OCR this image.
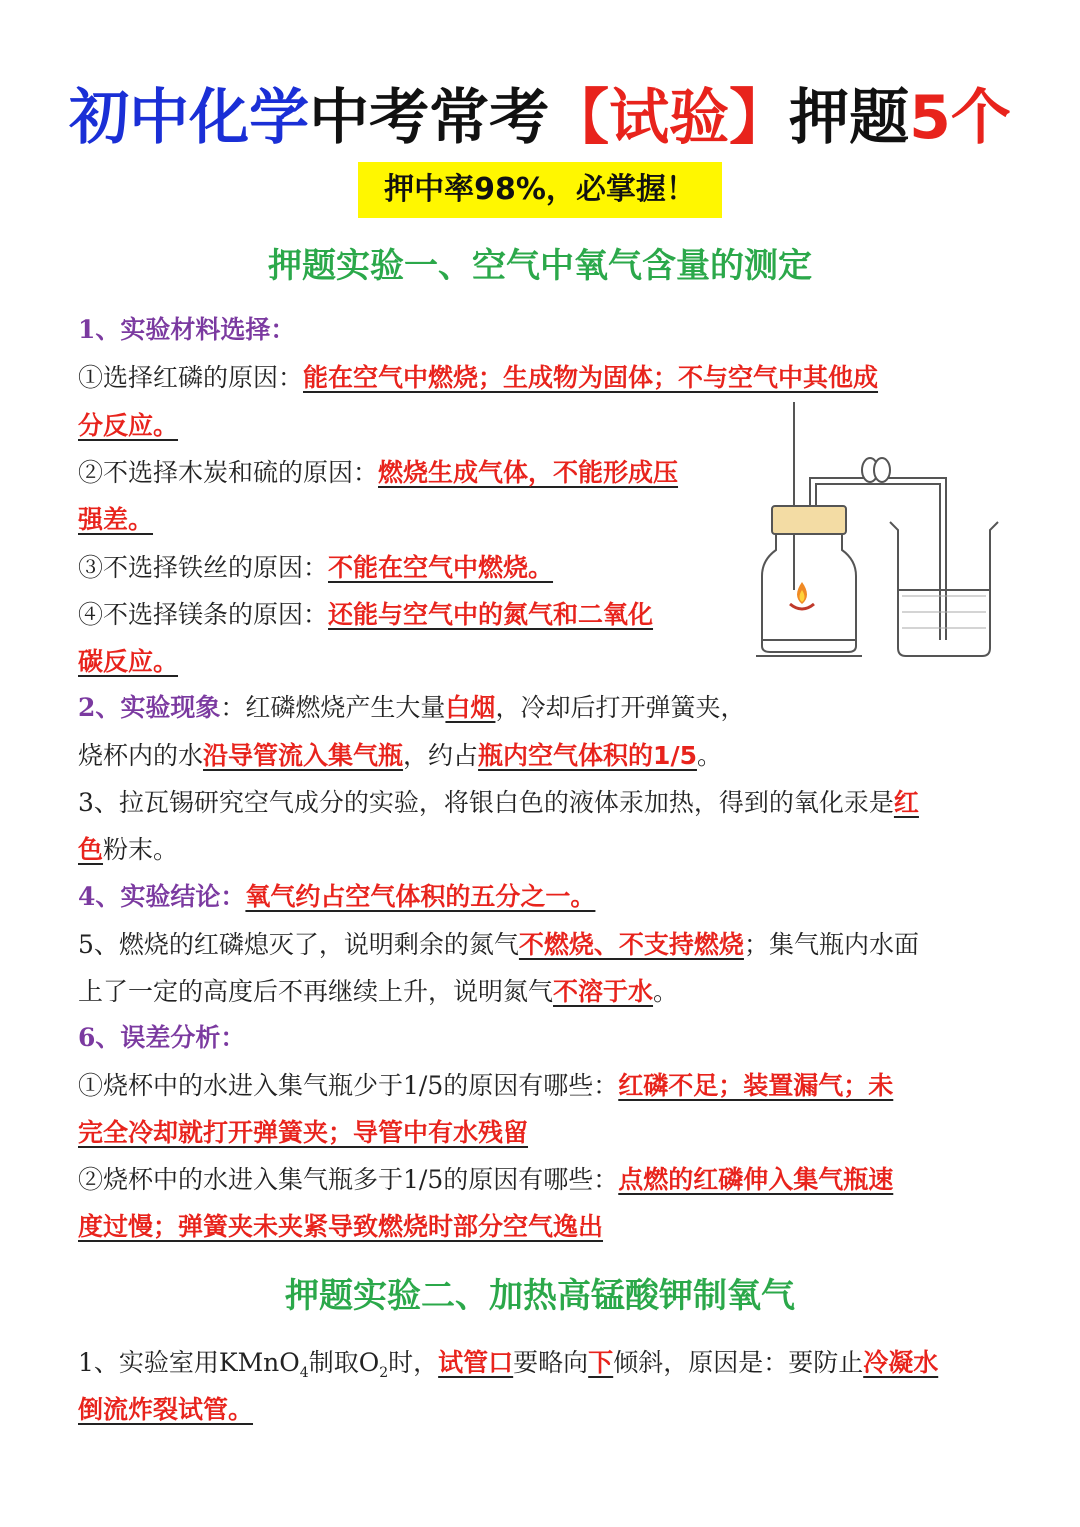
初中化学中考常考【试验】押题5个
押中率98%，必掌握！
押题实验一、空气中氧气含量的测定
1、实验材料选择：
①选择红磷的原因：能在空气中燃烧；生成物为固体；不与空气中其他成
分反应。
②不选择木炭和硫的原因：燃烧生成气体，不能形成压
强差。
③不选择铁丝的原因：不能在空气中燃烧。
④不选择镁条的原因：还能与空气中的氮气和二氧化
碳反应。
2、实验现象：红磷燃烧产生大量白烟，冷却后打开弹簧夹，
烧杯内的水沿导管流入集气瓶，约占瓶内空气体积的1/5。
3、拉瓦锡研究空气成分的实验，将银白色的液体汞加热，得到的氧化汞是红
色粉末。
4、实验结论：氧气约占空气体积的五分之一。
5、燃烧的红磷熄灭了，说明剩余的氮气不燃烧、不支持燃烧；集气瓶内水面
上了一定的高度后不再继续上升，说明氮气不溶于水。
6、误差分析：
①烧杯中的水进入集气瓶少于1/5的原因有哪些：红磷不足；装置漏气；未
完全冷却就打开弹簧夹；导管中有水残留
②烧杯中的水进入集气瓶多于1/5的原因有哪些：点燃的红磷伸入集气瓶速
度过慢；弹簧夹未夹紧导致燃烧时部分空气逸出
押题实验二、加热高锰酸钾制氧气
1、实验室用KMnO$_4$制取$O_2$时，试管口要略向下倾斜，原因是：要防止冷凝水
倒流炸裂试管。
